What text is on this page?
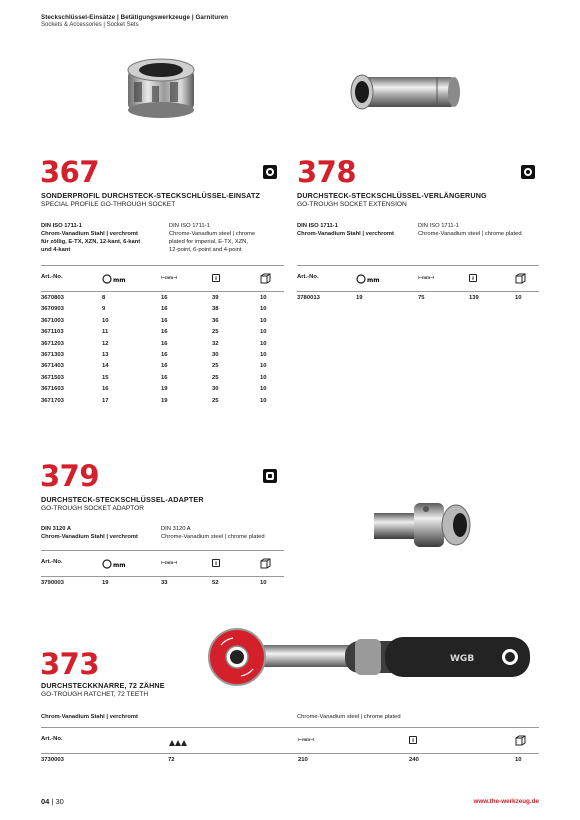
Steckschlüssel-Einsätze | Betätigungswerkzeuge | Garnituren
Sockets & Accessories | Socket Sets
367
SONDERPROFIL DURCHSTECK-STECKSCHLÜSSEL-EINSATZ
SPECIAL PROFILE GO-THROUGH SOCKET
DIN ISO 1711-1
Chrom-Vanadium Stahl | verchromt
für zöllig, E-TX, XZN, 12-kant, 6-kant
und 4-kant
DIN ISO 1711-1
Chrome-Vanadium steel | chrome
plated for imperial, E-TX, XZN,
12-point, 6-point and 4-point
Art.-No.	mm	⊢mm⊣	g
3670803	8	16	39	10
3670903	9	16	38	10
3671003	10	16	36	10
3671103	11	16	25	10
3671203	12	16	32	10
3671303	13	16	30	10
3671403	14	16	25	10
3671503	15	16	25	10
3671603	16	19	30	10
3671703	17	19	25	10
378
DURCHSTECK-STECKSCHLÜSSEL-VERLÄNGERUNG
GO-TROUGH SOCKET EXTENSION
DIN ISO 1711-1
Chrom-Vanadium Stahl | verchromt
DIN ISO 1711-1
Chrome-Vanadium steel | chrome plated
Art.-No.	mm	⊢mm⊣	g
3780013	19	75	139	10
379
DURCHSTECK-STECKSCHLÜSSEL-ADAPTER
GO-TROUGH SOCKET ADAPTOR
DIN 3120 A
Chrom-Vanadium Stahl | verchromt
DIN 3120 A
Chrome-Vanadium steel | chrome plated
Art.-No.	mm	⊢mm⊣	g
3790003	19	33	52	10
WGB
373
DURCHSTECKKNARRE, 72 ZÄHNE
GO-TROUGH RATCHET, 72 TEETH
Chrom-Vanadium Stahl | verchromt	Chrome-Vanadium steel | chrome plated
Art.-No.	⊢mm⊣	g
3730003	72	210	240	10
04 | 30	www.the-werkzeug.de
